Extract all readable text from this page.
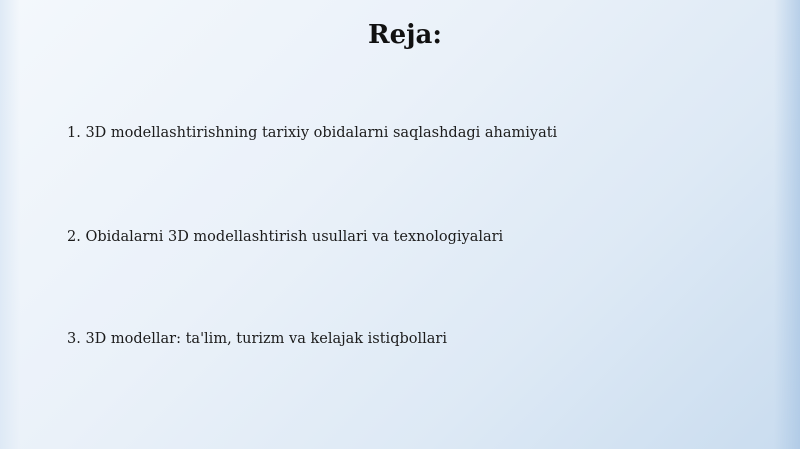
Reja:
1. 3D modellashtirishning tarixiy obidalarni saqlashdagi ahamiyati
2. Obidalarni 3D modellashtirish usullari va texnologiyalari
3. 3D modellar: ta'lim, turizm va kelajak istiqbollari
